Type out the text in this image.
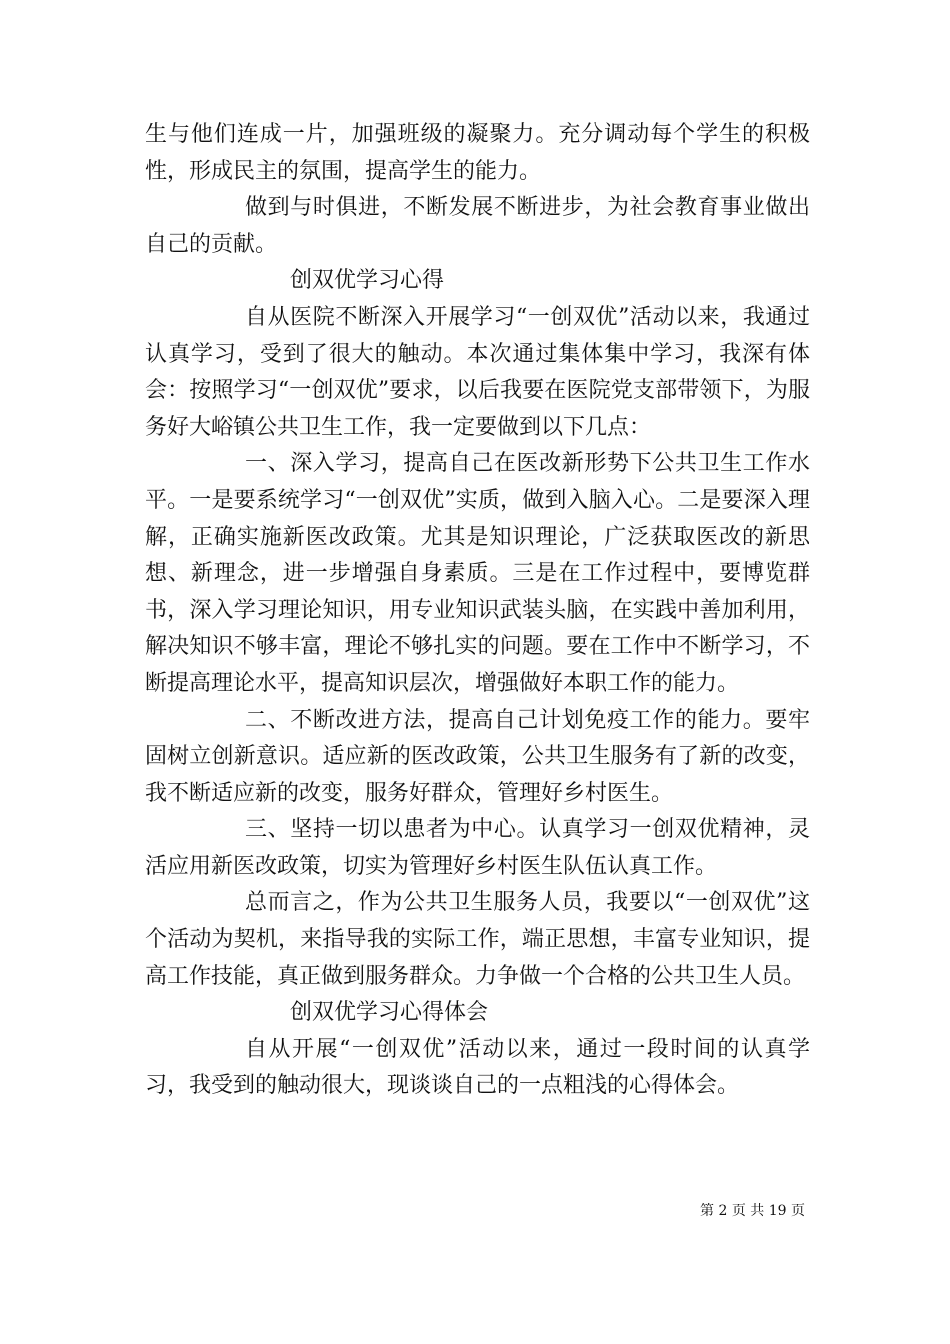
生与他们连成一片，加强班级的凝聚力。充分调动每个学生的积极性，形成民主的氛围，提高学生的能力。

做到与时俱进，不断发展不断进步，为社会教育事业做出自己的贡献。

创双优学习心得

自从医院不断深入开展学习“一创双优”活动以来，我通过认真学习，受到了很大的触动。本次通过集体集中学习，我深有体会：按照学习“一创双优”要求，以后我要在医院党支部带领下，为服务好大峪镇公共卫生工作，我一定要做到以下几点：

一、深入学习，提高自己在医改新形势下公共卫生工作水平。一是要系统学习“一创双优”实质，做到入脑入心。二是要深入理解，正确实施新医改政策。尤其是知识理论，广泛获取医改的新思想、新理念，进一步增强自身素质。三是在工作过程中，要博览群书，深入学习理论知识，用专业知识武装头脑，在实践中善加利用，解决知识不够丰富，理论不够扎实的问题。要在工作中不断学习，不断提高理论水平，提高知识层次，增强做好本职工作的能力。

二、不断改进方法，提高自己计划免疫工作的能力。要牢固树立创新意识。适应新的医改政策，公共卫生服务有了新的改变，我不断适应新的改变，服务好群众，管理好乡村医生。

三、坚持一切以患者为中心。认真学习一创双优精神，灵活应用新医改政策，切实为管理好乡村医生队伍认真工作。

总而言之，作为公共卫生服务人员，我要以“一创双优”这个活动为契机，来指导我的实际工作，端正思想，丰富专业知识，提高工作技能，真正做到服务群众。力争做一个合格的公共卫生人员。

创双优学习心得体会

自从开展“一创双优”活动以来，通过一段时间的认真学习，我受到的触动很大，现谈谈自己的一点粗浅的心得体会。

第 2 页 共 19 页
